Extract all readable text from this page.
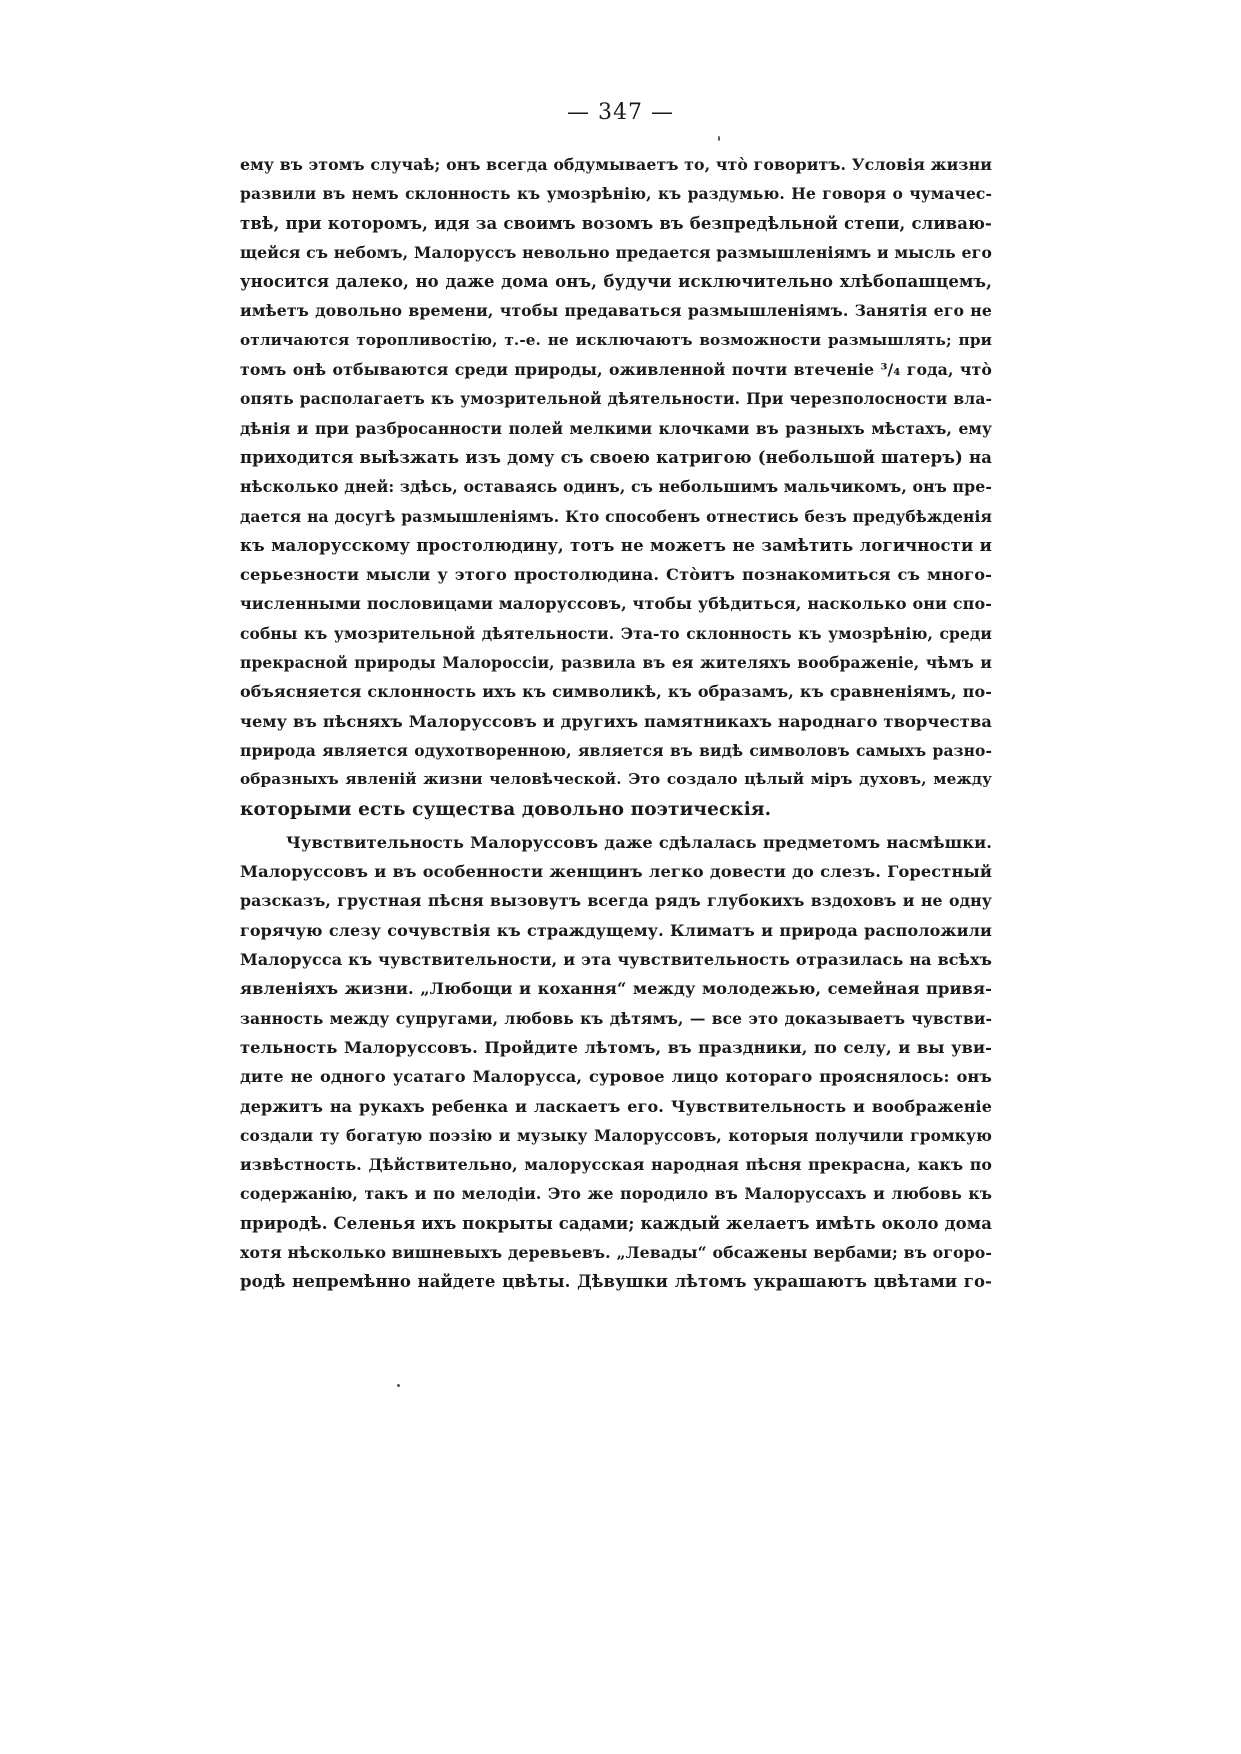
— 347 —
ему въ этомъ случаѣ; онъ всегда обдумываетъ то, что̀ говоритъ. Условія жизни
развили въ немъ склонность къ умозрѣнію, къ раздумью. Не говоря о чумачес-
твѣ, при которомъ, идя за своимъ возомъ въ безпредѣльной степи, сливаю-
щейся съ небомъ, Малоруссъ невольно предается размышленіямъ и мысль его
уносится далеко, но даже дома онъ, будучи исключительно хлѣбопашцемъ,
имѣетъ довольно времени, чтобы предаваться размышленіямъ. Занятія его не
отличаются торопливостію, т.-е. не исключаютъ возможности размышлять; при
томъ онѣ отбываются среди природы, оживленной почти втеченіе ³/₄ года, что̀
опять располагаетъ къ умозрительной дѣятельности. При черезполосности вла-
дѣнія и при разбросанности полей мелкими клочками въ разныхъ мѣстахъ, ему
приходится выѣзжать изъ дому съ своею катригою (небольшой шатеръ) на
нѣсколько дней: здѣсь, оставаясь одинъ, съ небольшимъ мальчикомъ, онъ пре-
дается на досугѣ размышленіямъ. Кто способенъ отнестись безъ предубѣжденія
къ малорусскому простолюдину, тотъ не можетъ не замѣтить логичности и
серьезности мысли у этого простолюдина. Сто̀итъ познакомиться съ много-
численными пословицами малоруссовъ, чтобы убѣдиться, насколько они спо-
собны къ умозрительной дѣятельности. Эта-то склонность къ умозрѣнію, среди
прекрасной природы Малороссіи, развила въ ея жителяхъ воображеніе, чѣмъ и
объясняется склонность ихъ къ символикѣ, къ образамъ, къ сравненіямъ, по-
чему въ пѣсняхъ Малоруссовъ и другихъ памятникахъ народнаго творчества
природа является одухотворенною, является въ видѣ символовъ самыхъ разно-
образныхъ явленій жизни человѣческой. Это создало цѣлый міръ духовъ, между
которыми есть существа довольно поэтическія.
Чувствительность Малоруссовъ даже сдѣлалась предметомъ насмѣшки.
Малоруссовъ и въ особенности женщинъ легко довести до слезъ. Горестный
разсказъ, грустная пѣсня вызовутъ всегда рядъ глубокихъ вздоховъ и не одну
горячую слезу сочувствія къ страждущему. Климатъ и природа расположили
Малорусса къ чувствительности, и эта чувствительность отразилась на всѣхъ
явленіяхъ жизни. „Любощи и кохання“ между молодежью, семейная привя-
занность между супругами, любовь къ дѣтямъ, — все это доказываетъ чувстви-
тельность Малоруссовъ. Пройдите лѣтомъ, въ праздники, по селу, и вы уви-
дите не одного усатаго Малорусса, суровое лицо котораго прояснялось: онъ
держитъ на рукахъ ребенка и ласкаетъ его. Чувствительность и воображеніе
создали ту богатую поэзію и музыку Малоруссовъ, которыя получили громкую
извѣстность. Дѣйствительно, малорусская народная пѣсня прекрасна, какъ по
содержанію, такъ и по мелодіи. Это же породило въ Малоруссахъ и любовь къ
природѣ. Селенья ихъ покрыты садами; каждый желаетъ имѣть около дома
хотя нѣсколько вишневыхъ деревьевъ. „Левады“ обсажены вербами; въ огоро-
родѣ непремѣнно найдете цвѣты. Дѣвушки лѣтомъ украшаютъ цвѣтами го-
